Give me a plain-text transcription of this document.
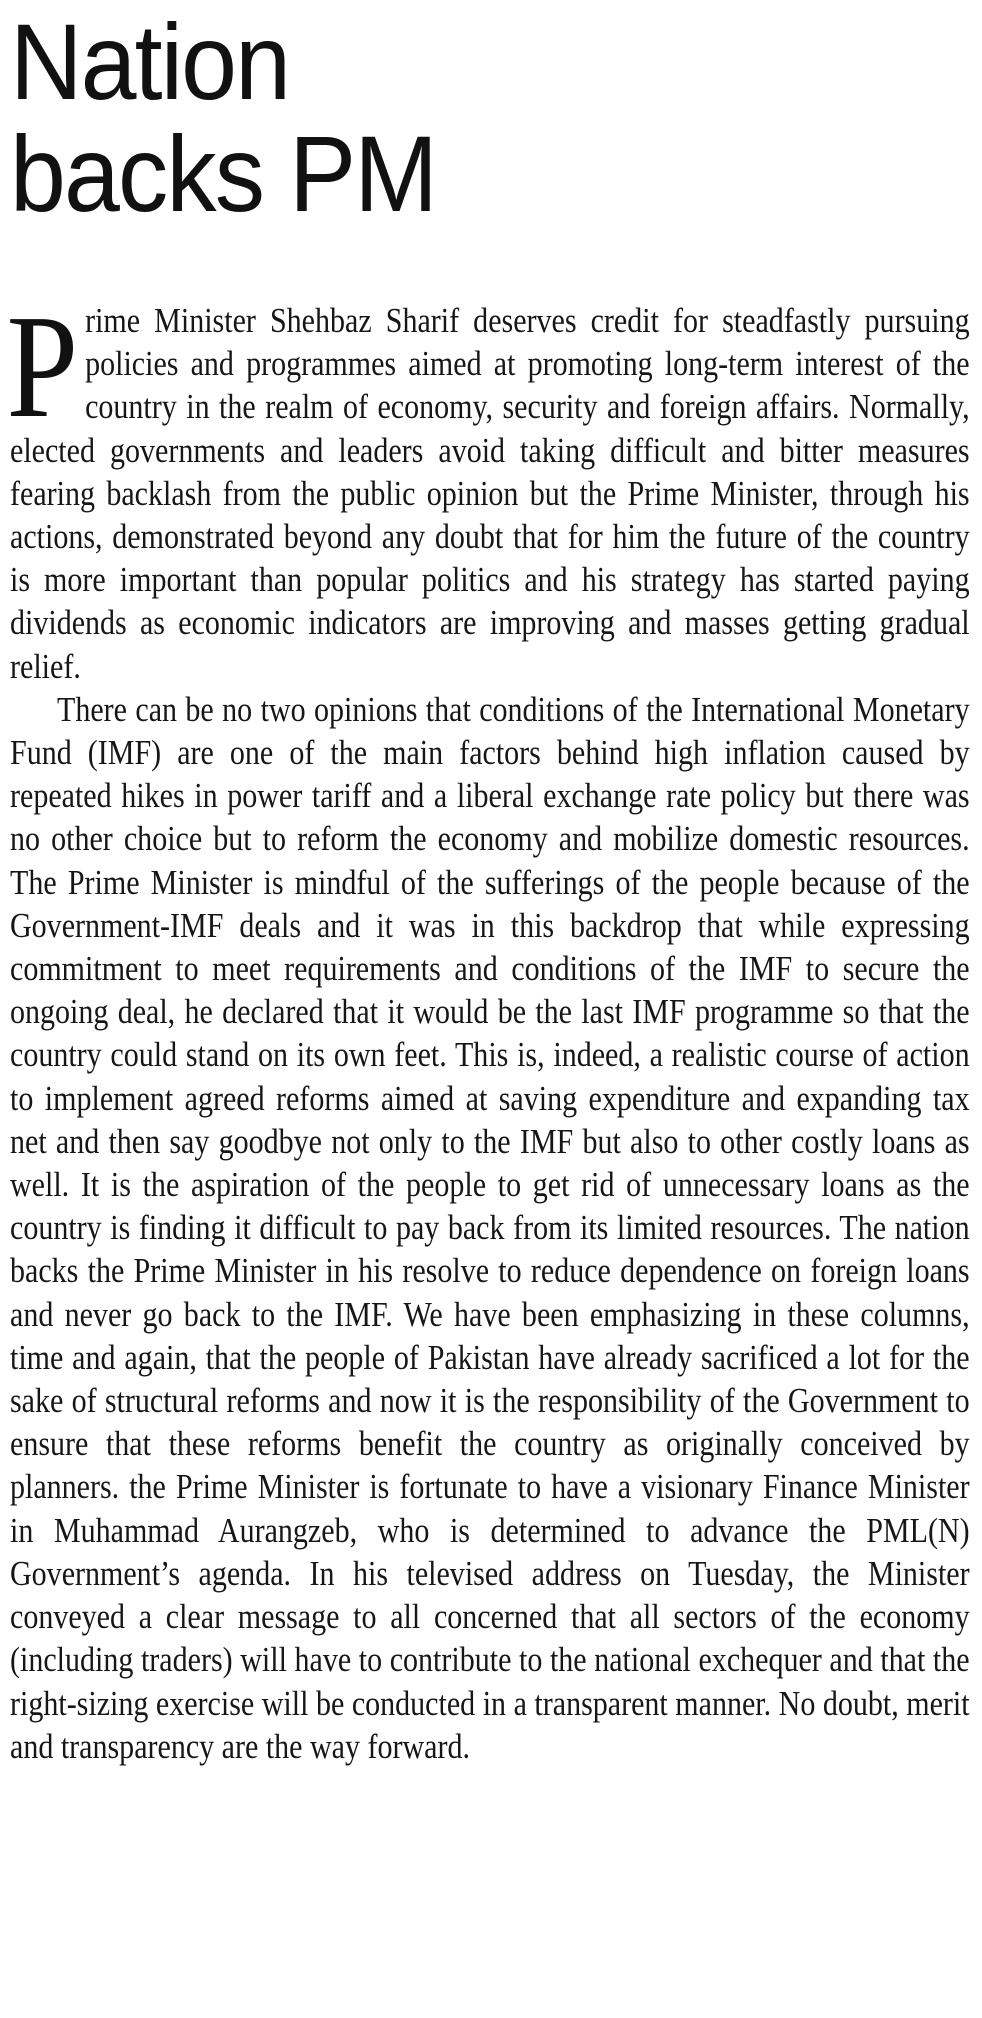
Nation
backs PM

Prime Minister Shehbaz Sharif deserves credit for steadfastly pursuing policies and programmes aimed at promoting long-term interest of the country in the realm of economy, security and foreign affairs. Normally, elected governments and leaders avoid taking difficult and bitter measures fearing backlash from the public opinion but the Prime Minister, through his actions, demonstrated beyond any doubt that for him the future of the country is more important than popular politics and his strategy has started paying dividends as economic indicators are improving and masses getting gradual relief.

There can be no two opinions that conditions of the International Monetary Fund (IMF) are one of the main factors behind high inflation caused by repeated hikes in power tariff and a liberal exchange rate policy but there was no other choice but to reform the economy and mobilize domestic resources. The Prime Minister is mindful of the sufferings of the people because of the Government-IMF deals and it was in this backdrop that while expressing commitment to meet requirements and conditions of the IMF to secure the ongoing deal, he declared that it would be the last IMF programme so that the country could stand on its own feet. This is, indeed, a realistic course of action to implement agreed reforms aimed at saving expenditure and expanding tax net and then say goodbye not only to the IMF but also to other costly loans as well. It is the aspiration of the people to get rid of unnecessary loans as the country is finding it difficult to pay back from its limited resources. The nation backs the Prime Minister in his resolve to reduce dependence on foreign loans and never go back to the IMF. We have been emphasizing in these columns, time and again, that the people of Pakistan have already sacrificed a lot for the sake of structural reforms and now it is the responsibility of the Government to ensure that these reforms benefit the country as originally conceived by planners. the Prime Minister is fortunate to have a visionary Finance Minister in Muhammad Aurangzeb, who is determined to advance the PML(N) Government’s agenda. In his televised address on Tuesday, the Minister conveyed a clear message to all concerned that all sectors of the economy (including traders) will have to contribute to the national exchequer and that the right-sizing exercise will be conducted in a transparent manner. No doubt, merit and transparency are the way forward.
